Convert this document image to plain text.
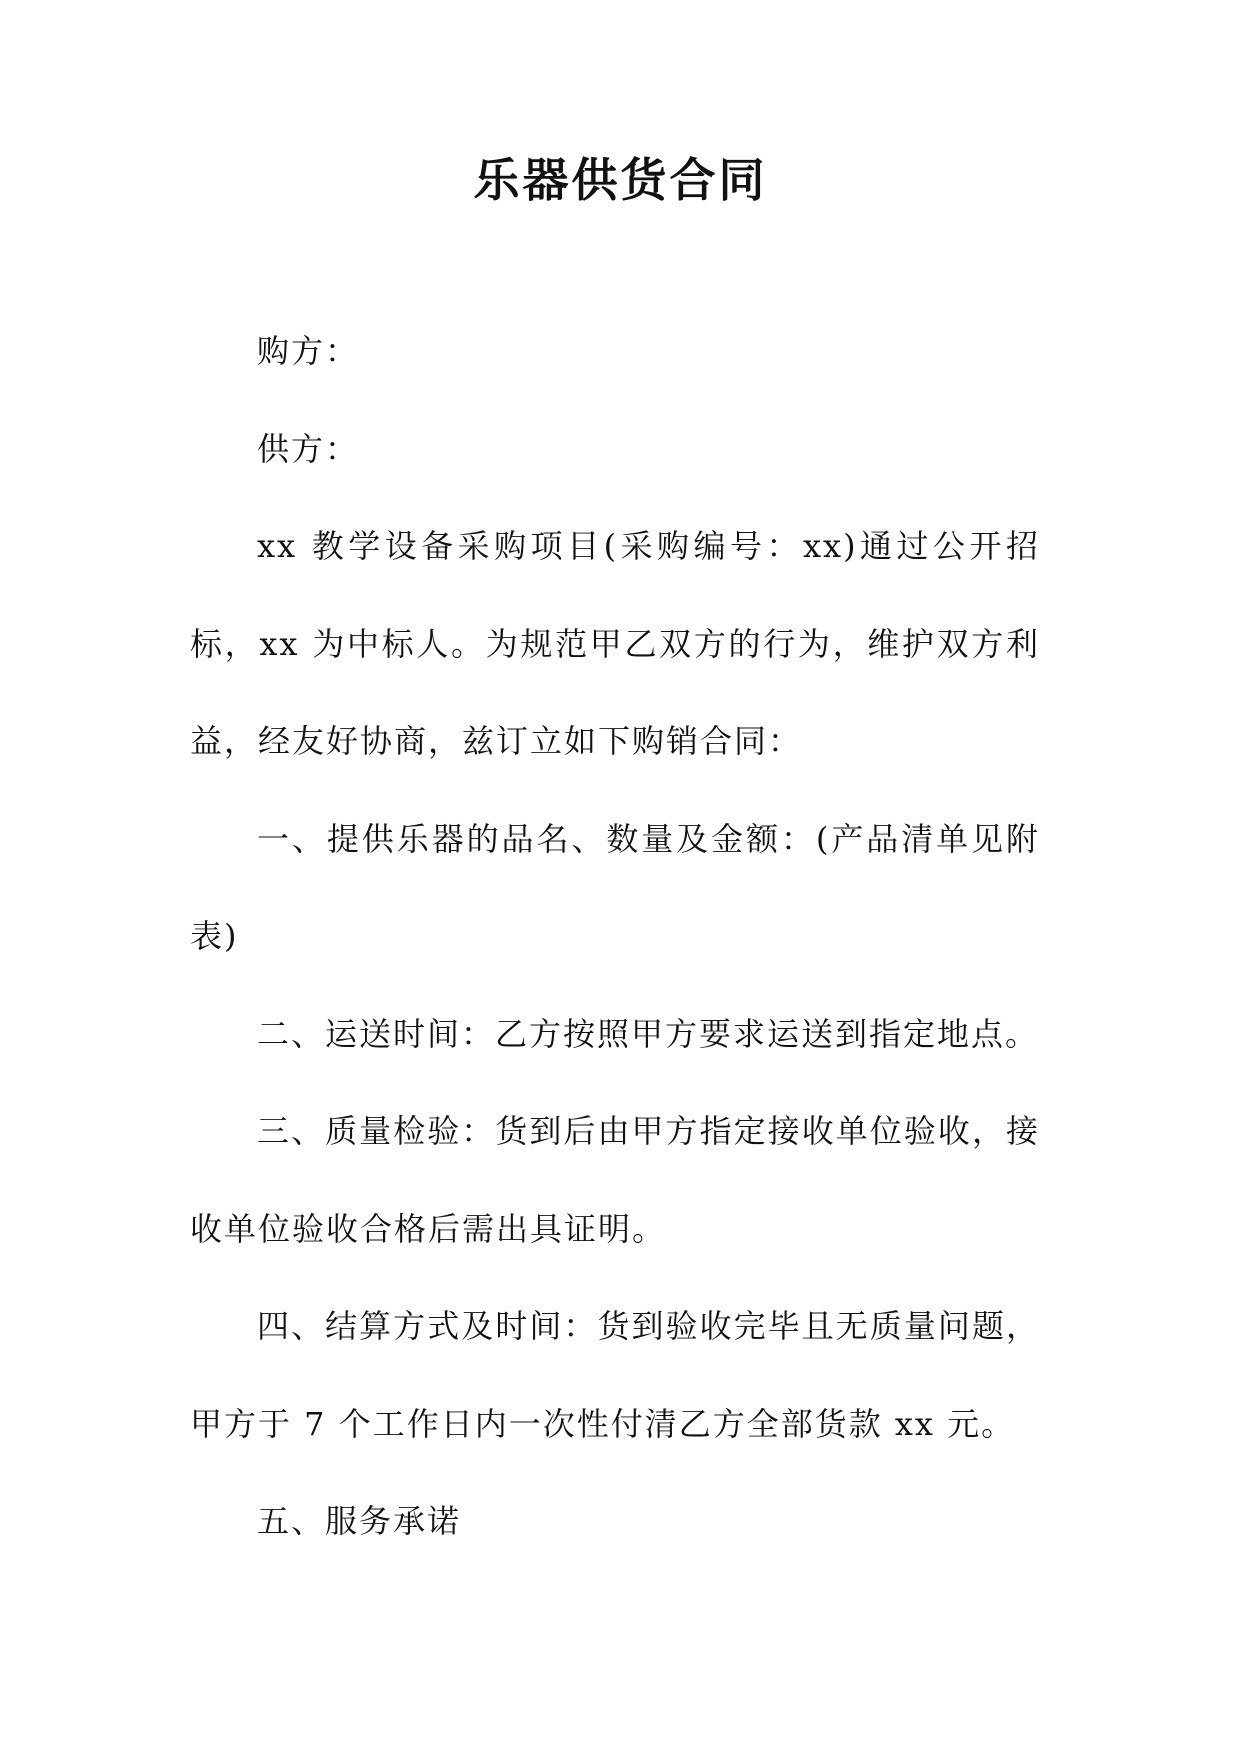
乐器供货合同

购方：

供方：

xx 教学设备采购项目(采购编号：xx)通过公开招标，xx 为中标人。为规范甲乙双方的行为，维护双方利益，经友好协商，兹订立如下购销合同：

一、提供乐器的品名、数量及金额：(产品清单见附表)

二、运送时间：乙方按照甲方要求运送到指定地点。

三、质量检验：货到后由甲方指定接收单位验收，接收单位验收合格后需出具证明。

四、结算方式及时间：货到验收完毕且无质量问题，甲方于 7 个工作日内一次性付清乙方全部货款 xx 元。

五、服务承诺
